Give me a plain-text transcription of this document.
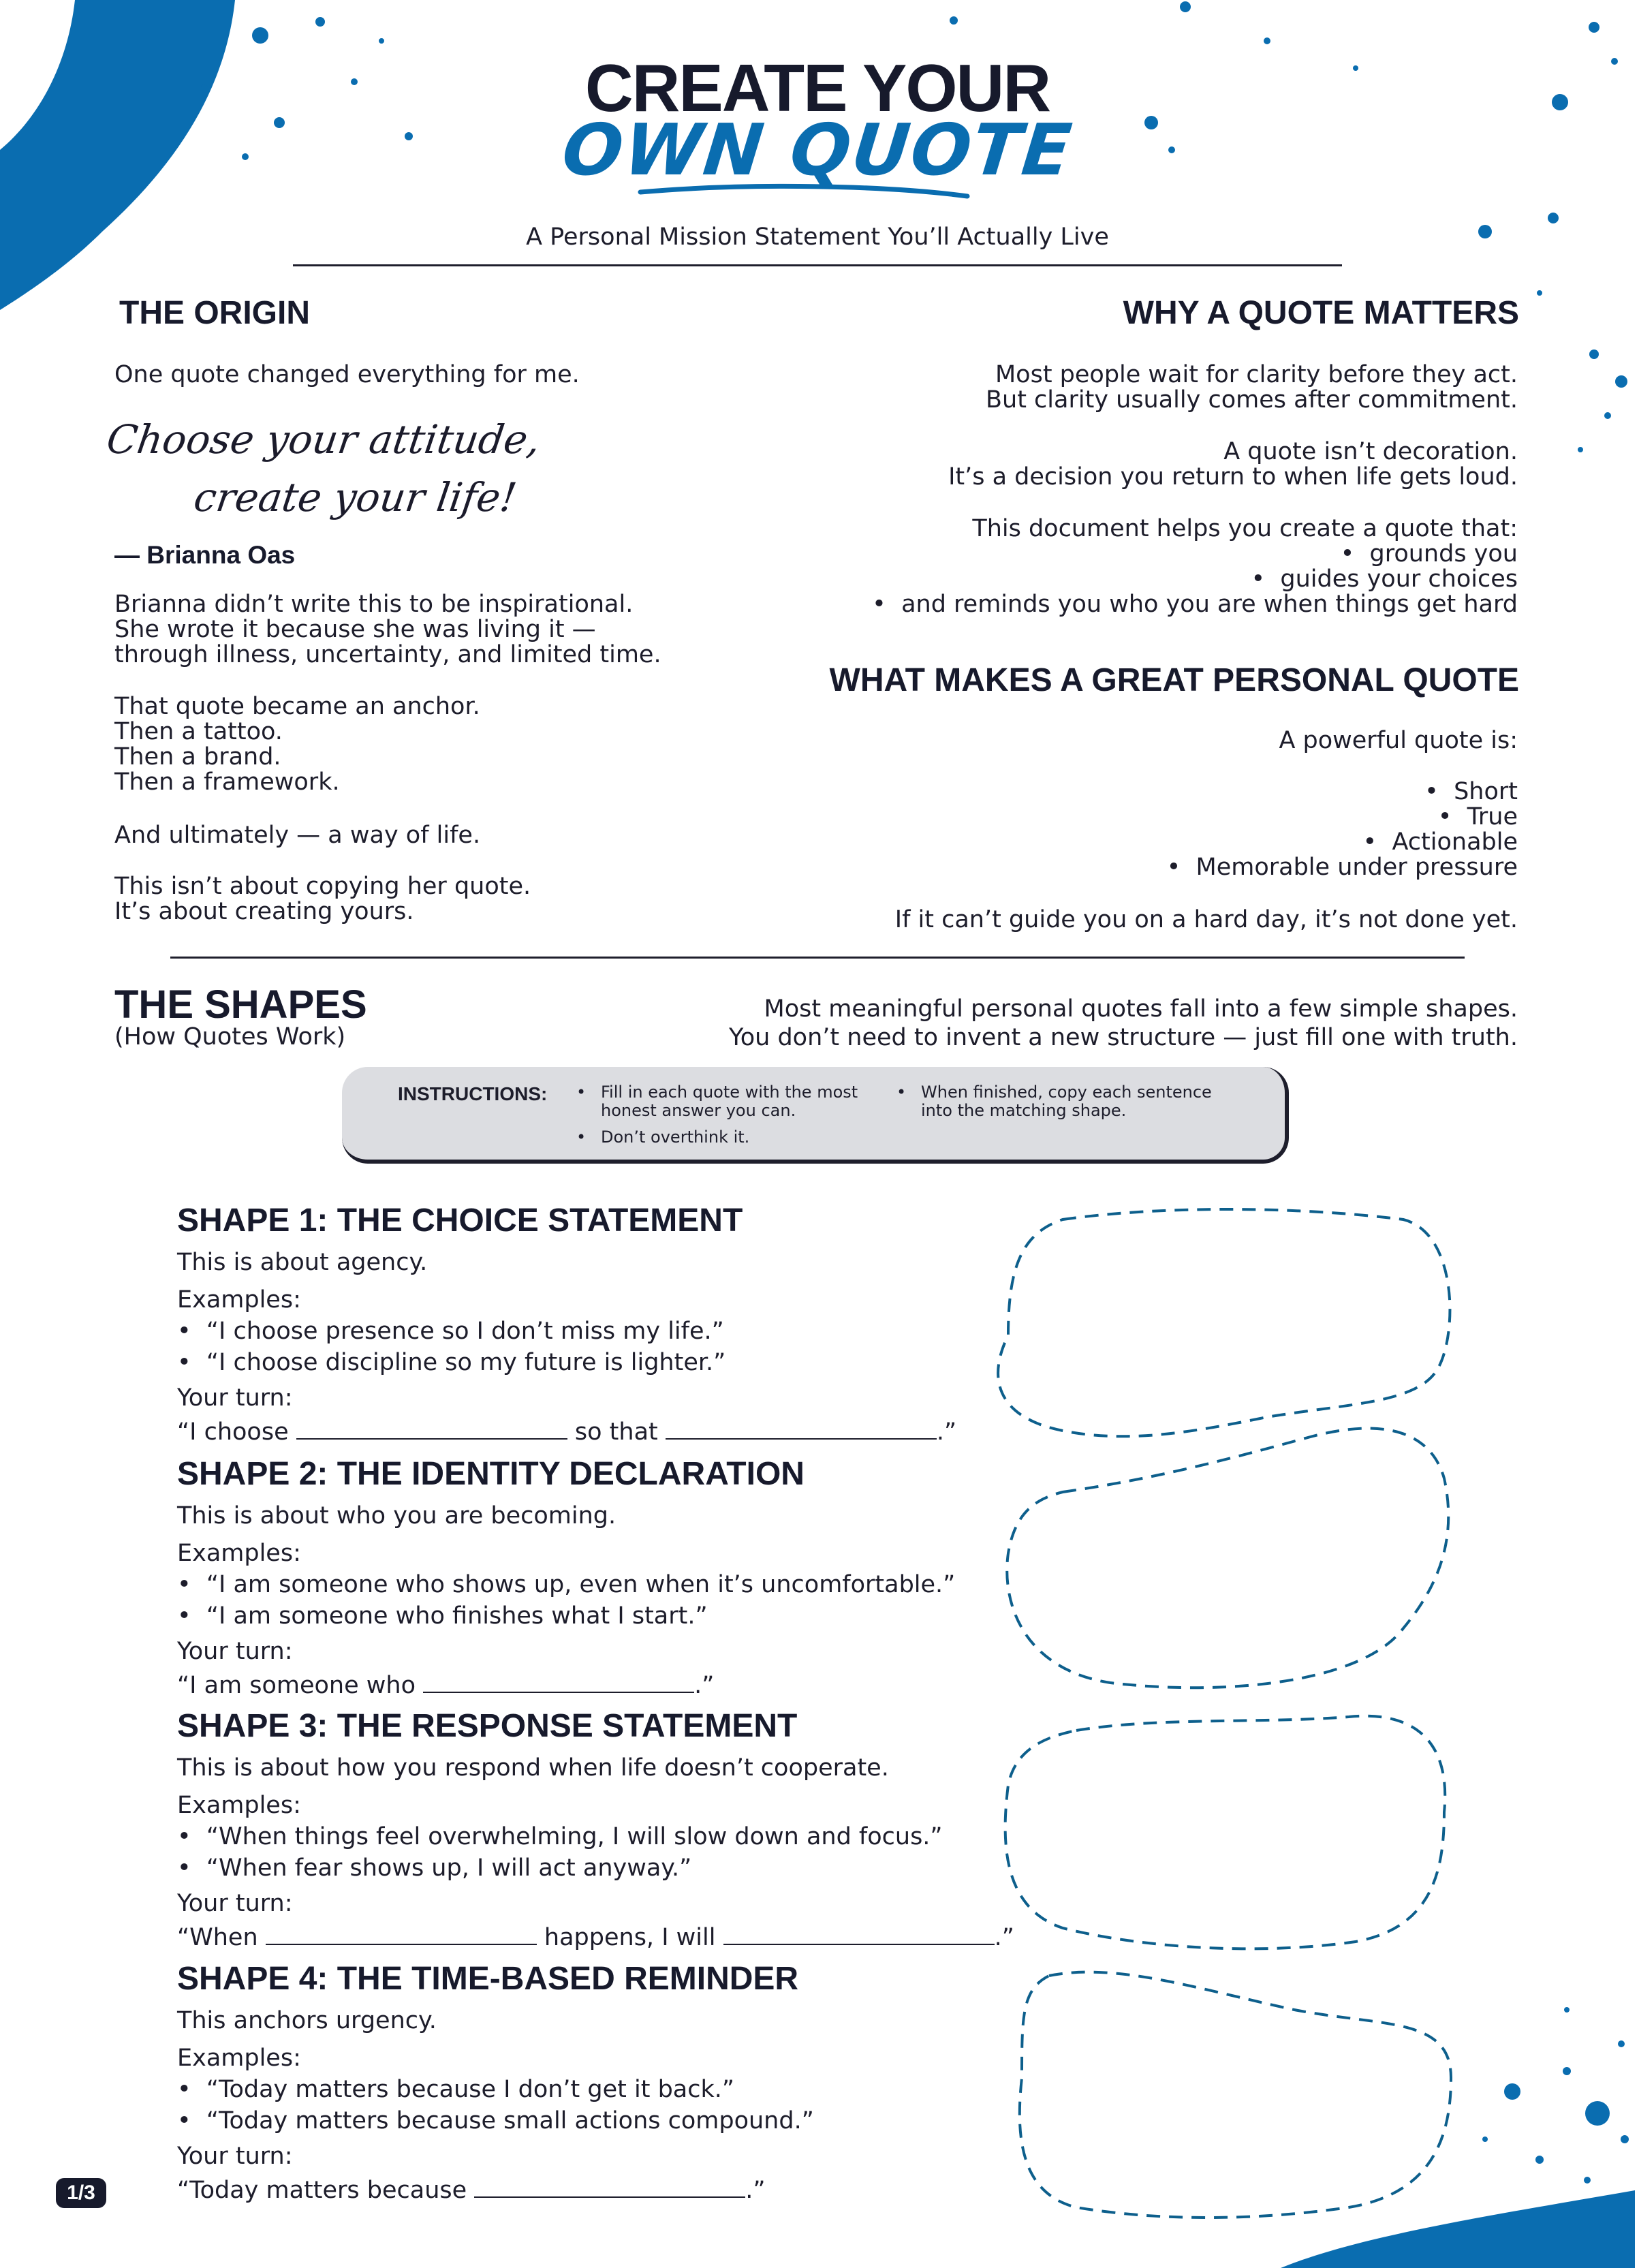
CREATE YOUR
OWN QUOTE
A Personal Mission Statement You’ll Actually Live
THE ORIGIN
One quote changed everything for me.
Choose your attitude,
create your life!
— Brianna Oas
Brianna didn’t write this to be inspirational.
She wrote it because she was living it —
through illness, uncertainty, and limited time.
That quote became an anchor.
Then a tattoo.
Then a brand.
Then a framework.
And ultimately — a way of life.
This isn’t about copying her quote.
It’s about creating yours.
WHY A QUOTE MATTERS
Most people wait for clarity before they act.
But clarity usually comes after commitment.
A quote isn’t decoration.
It’s a decision you return to when life gets loud.
This document helps you create a quote that:
•  grounds you
•  guides your choices
•  and reminds you who you are when things get hard
WHAT MAKES A GREAT PERSONAL QUOTE
A powerful quote is:
•  Short
•  True
•  Actionable
•  Memorable under pressure
If it can’t guide you on a hard day, it’s not done yet.
THE SHAPES
(How Quotes Work)
Most meaningful personal quotes fall into a few simple shapes.
You don’t need to invent a new structure — just fill one with truth.
INSTRUCTIONS: • Fill in each quote with the most honest answer you can.
• Don’t overthink it.
• When finished, copy each sentence into the matching shape.
SHAPE 1: THE CHOICE STATEMENT
This is about agency.
Examples:
•  “I choose presence so I don’t miss my life.”
•  “I choose discipline so my future is lighter.”
Your turn:
“I choose	so that	.”
SHAPE 2: THE IDENTITY DECLARATION
This is about who you are becoming.
Examples:
•  “I am someone who shows up, even when it’s uncomfortable.”
•  “I am someone who finishes what I start.”
Your turn:
“I am someone who	.”
SHAPE 3: THE RESPONSE STATEMENT
This is about how you respond when life doesn’t cooperate.
Examples:
•  “When things feel overwhelming, I will slow down and focus.”
•  “When fear shows up, I will act anyway.”
Your turn:
“When	happens, I will	.”
SHAPE 4: THE TIME-BASED REMINDER
This anchors urgency.
Examples:
•  “Today matters because I don’t get it back.”
•  “Today matters because small actions compound.”
Your turn:
“Today matters because	.”
1/3
